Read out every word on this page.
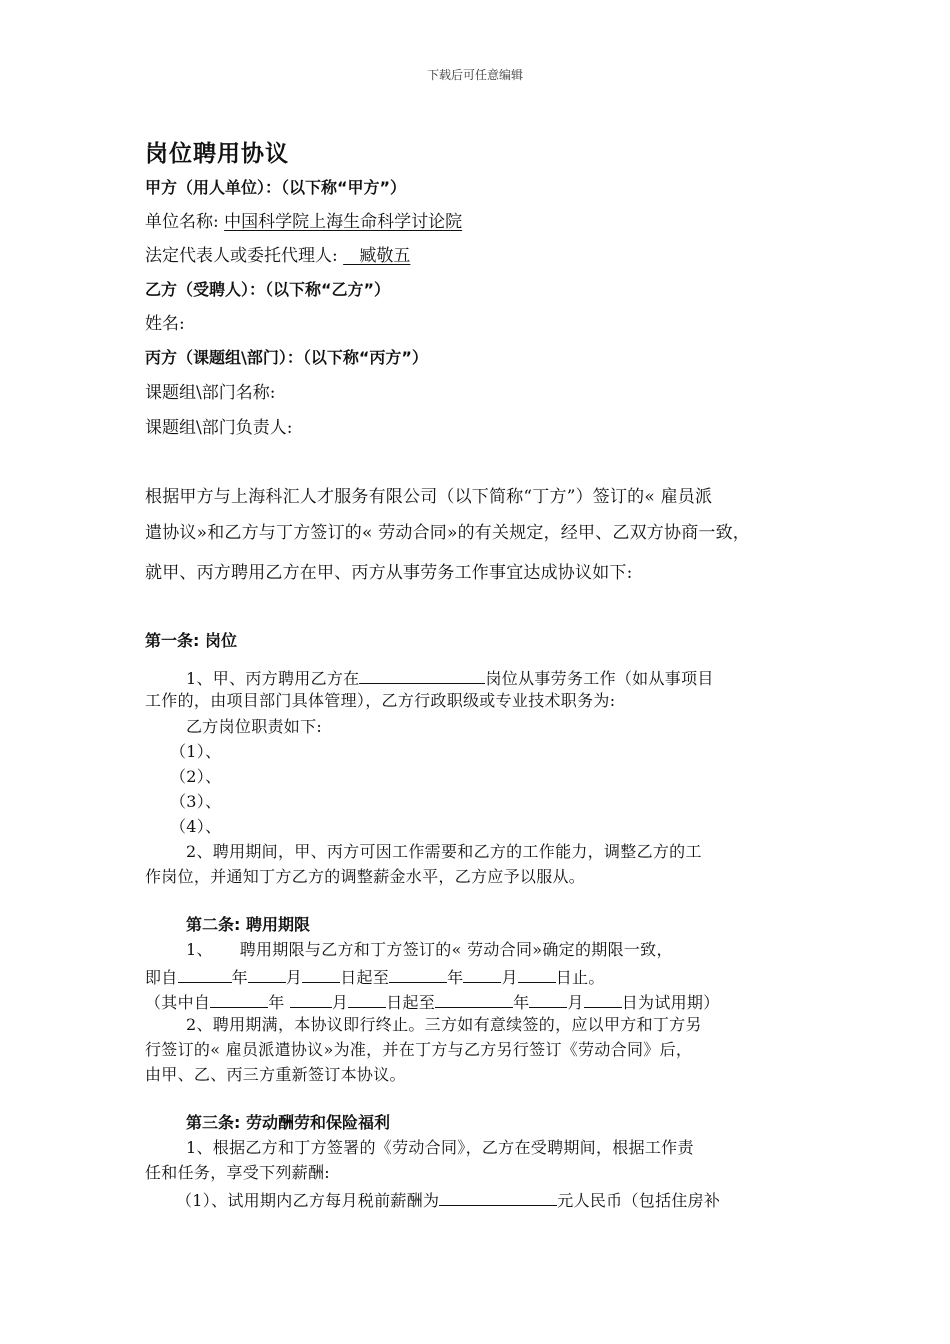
下载后可任意编辑
岗位聘用协议
甲方（用人单位）：（以下称“甲方”）
单位名称: 中国科学院上海生命科学讨论院
法定代表人或委托代理人:    臧敬五
乙方（受聘人）：（以下称“乙方”）
姓名:
丙方（课题组\部门）：（以下称“丙方”）
课题组\部门名称:
课题组\部门负责人:
根据甲方与上海科汇人才服务有限公司（以下简称“丁方”）签订的« 雇员派
遣协议»和乙方与丁方签订的« 劳动合同»的有关规定，经甲、乙双方协商一致，
就甲、丙方聘用乙方在甲、丙方从事劳务工作事宜达成协议如下:
第一条: 岗位
1、甲、丙方聘用乙方在	岗位从事劳务工作（如从事项目
工作的，由项目部门具体管理），乙方行政职级或专业技术职务为:
乙方岗位职责如下:
（1）、
（2）、
（3）、
（4）、
2、聘用期间，甲、丙方可因工作需要和乙方的工作能力，调整乙方的工
作岗位，并通知丁方乙方的调整薪金水平，乙方应予以服从。
第二条: 聘用期限
1、     聘用期限与乙方和丁方签订的« 劳动合同»确定的期限一致，
即自	年 月 日起至	年 月 日止。
（其中自	年	月 日起至	年 月 日为试用期）
2、聘用期满，本协议即行终止。三方如有意续签的，应以甲方和丁方另
行签订的« 雇员派遣协议»为准，并在丁方与乙方另行签订《劳动合同》后，
由甲、乙、丙三方重新签订本协议。
第三条: 劳动酬劳和保险福利
1、根据乙方和丁方签署的《劳动合同》，乙方在受聘期间，根据工作责
任和任务，享受下列薪酬:
（1）、试用期内乙方每月税前薪酬为	元人民币（包括住房补
